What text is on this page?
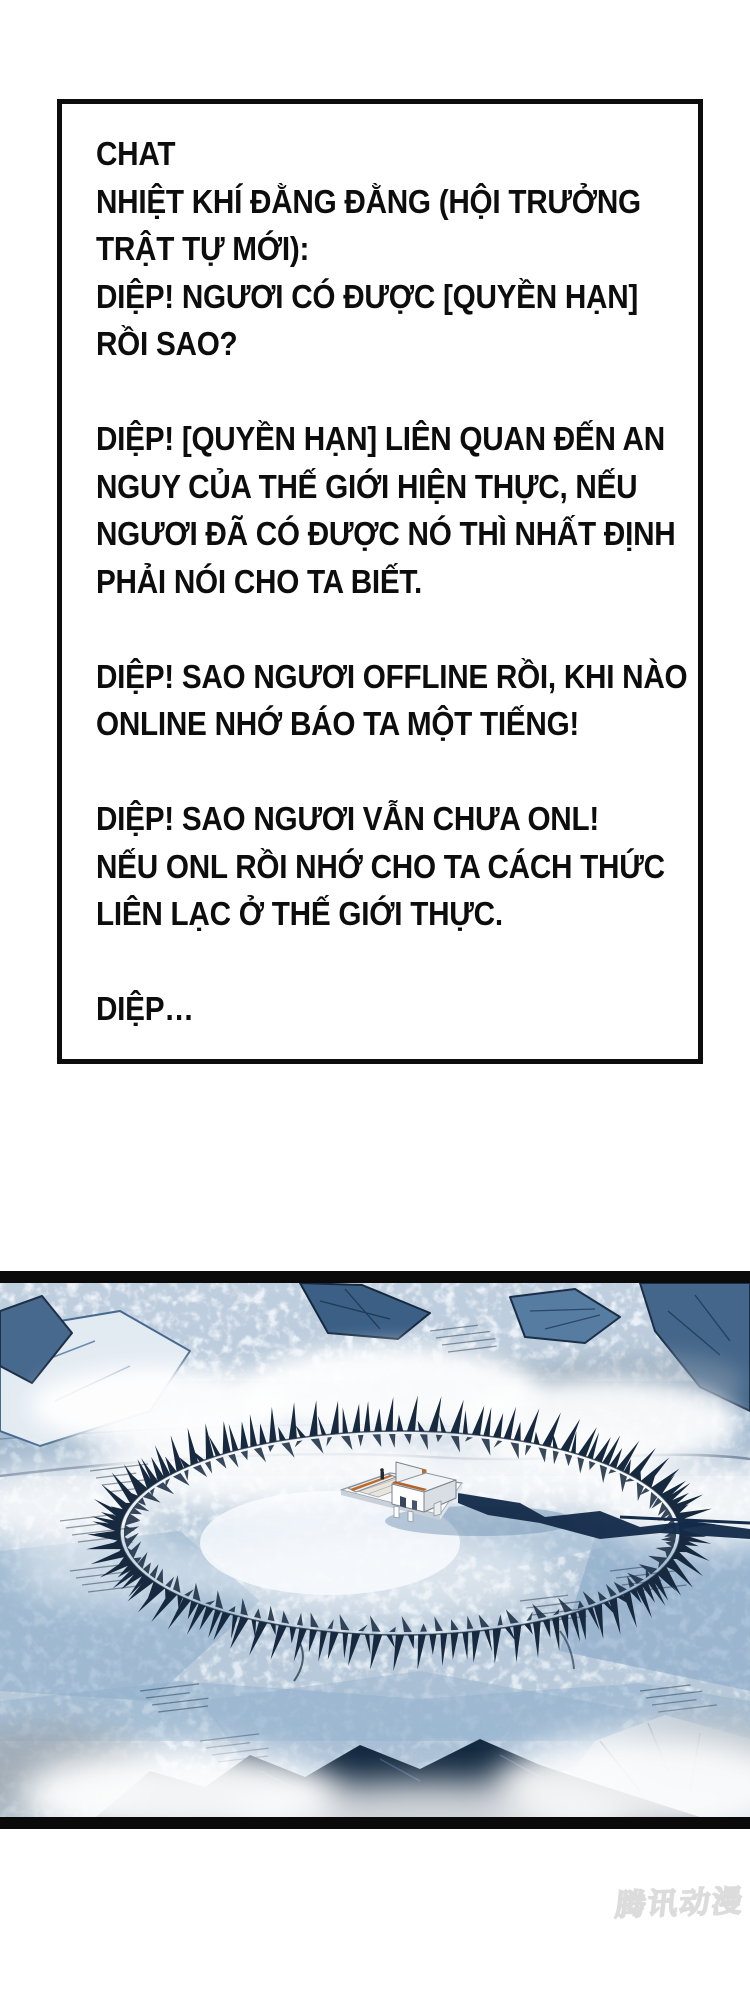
CHAT
NHIỆT KHÍ ĐẰNG ĐẰNG (HỘI TRƯỞNG
TRẬT TỰ MỚI):
DIỆP! NGƯƠI CÓ ĐƯỢC [QUYỀN HẠN]
RỒI SAO?
DIỆP! [QUYỀN HẠN] LIÊN QUAN ĐẾN AN
NGUY CỦA THẾ GIỚI HIỆN THỰC, NẾU
NGƯƠI ĐÃ CÓ ĐƯỢC NÓ THÌ NHẤT ĐỊNH
PHẢI NÓI CHO TA BIẾT.
DIỆP! SAO NGƯƠI OFFLINE RỒI, KHI NÀO
ONLINE NHỚ BÁO TA MỘT TIẾNG!
DIỆP! SAO NGƯƠI VẪN CHƯA ONL!
NẾU ONL RỒI NHỚ CHO TA CÁCH THỨC
LIÊN LẠC Ở THẾ GIỚI THỰC.
DIỆP…
腾讯动漫
